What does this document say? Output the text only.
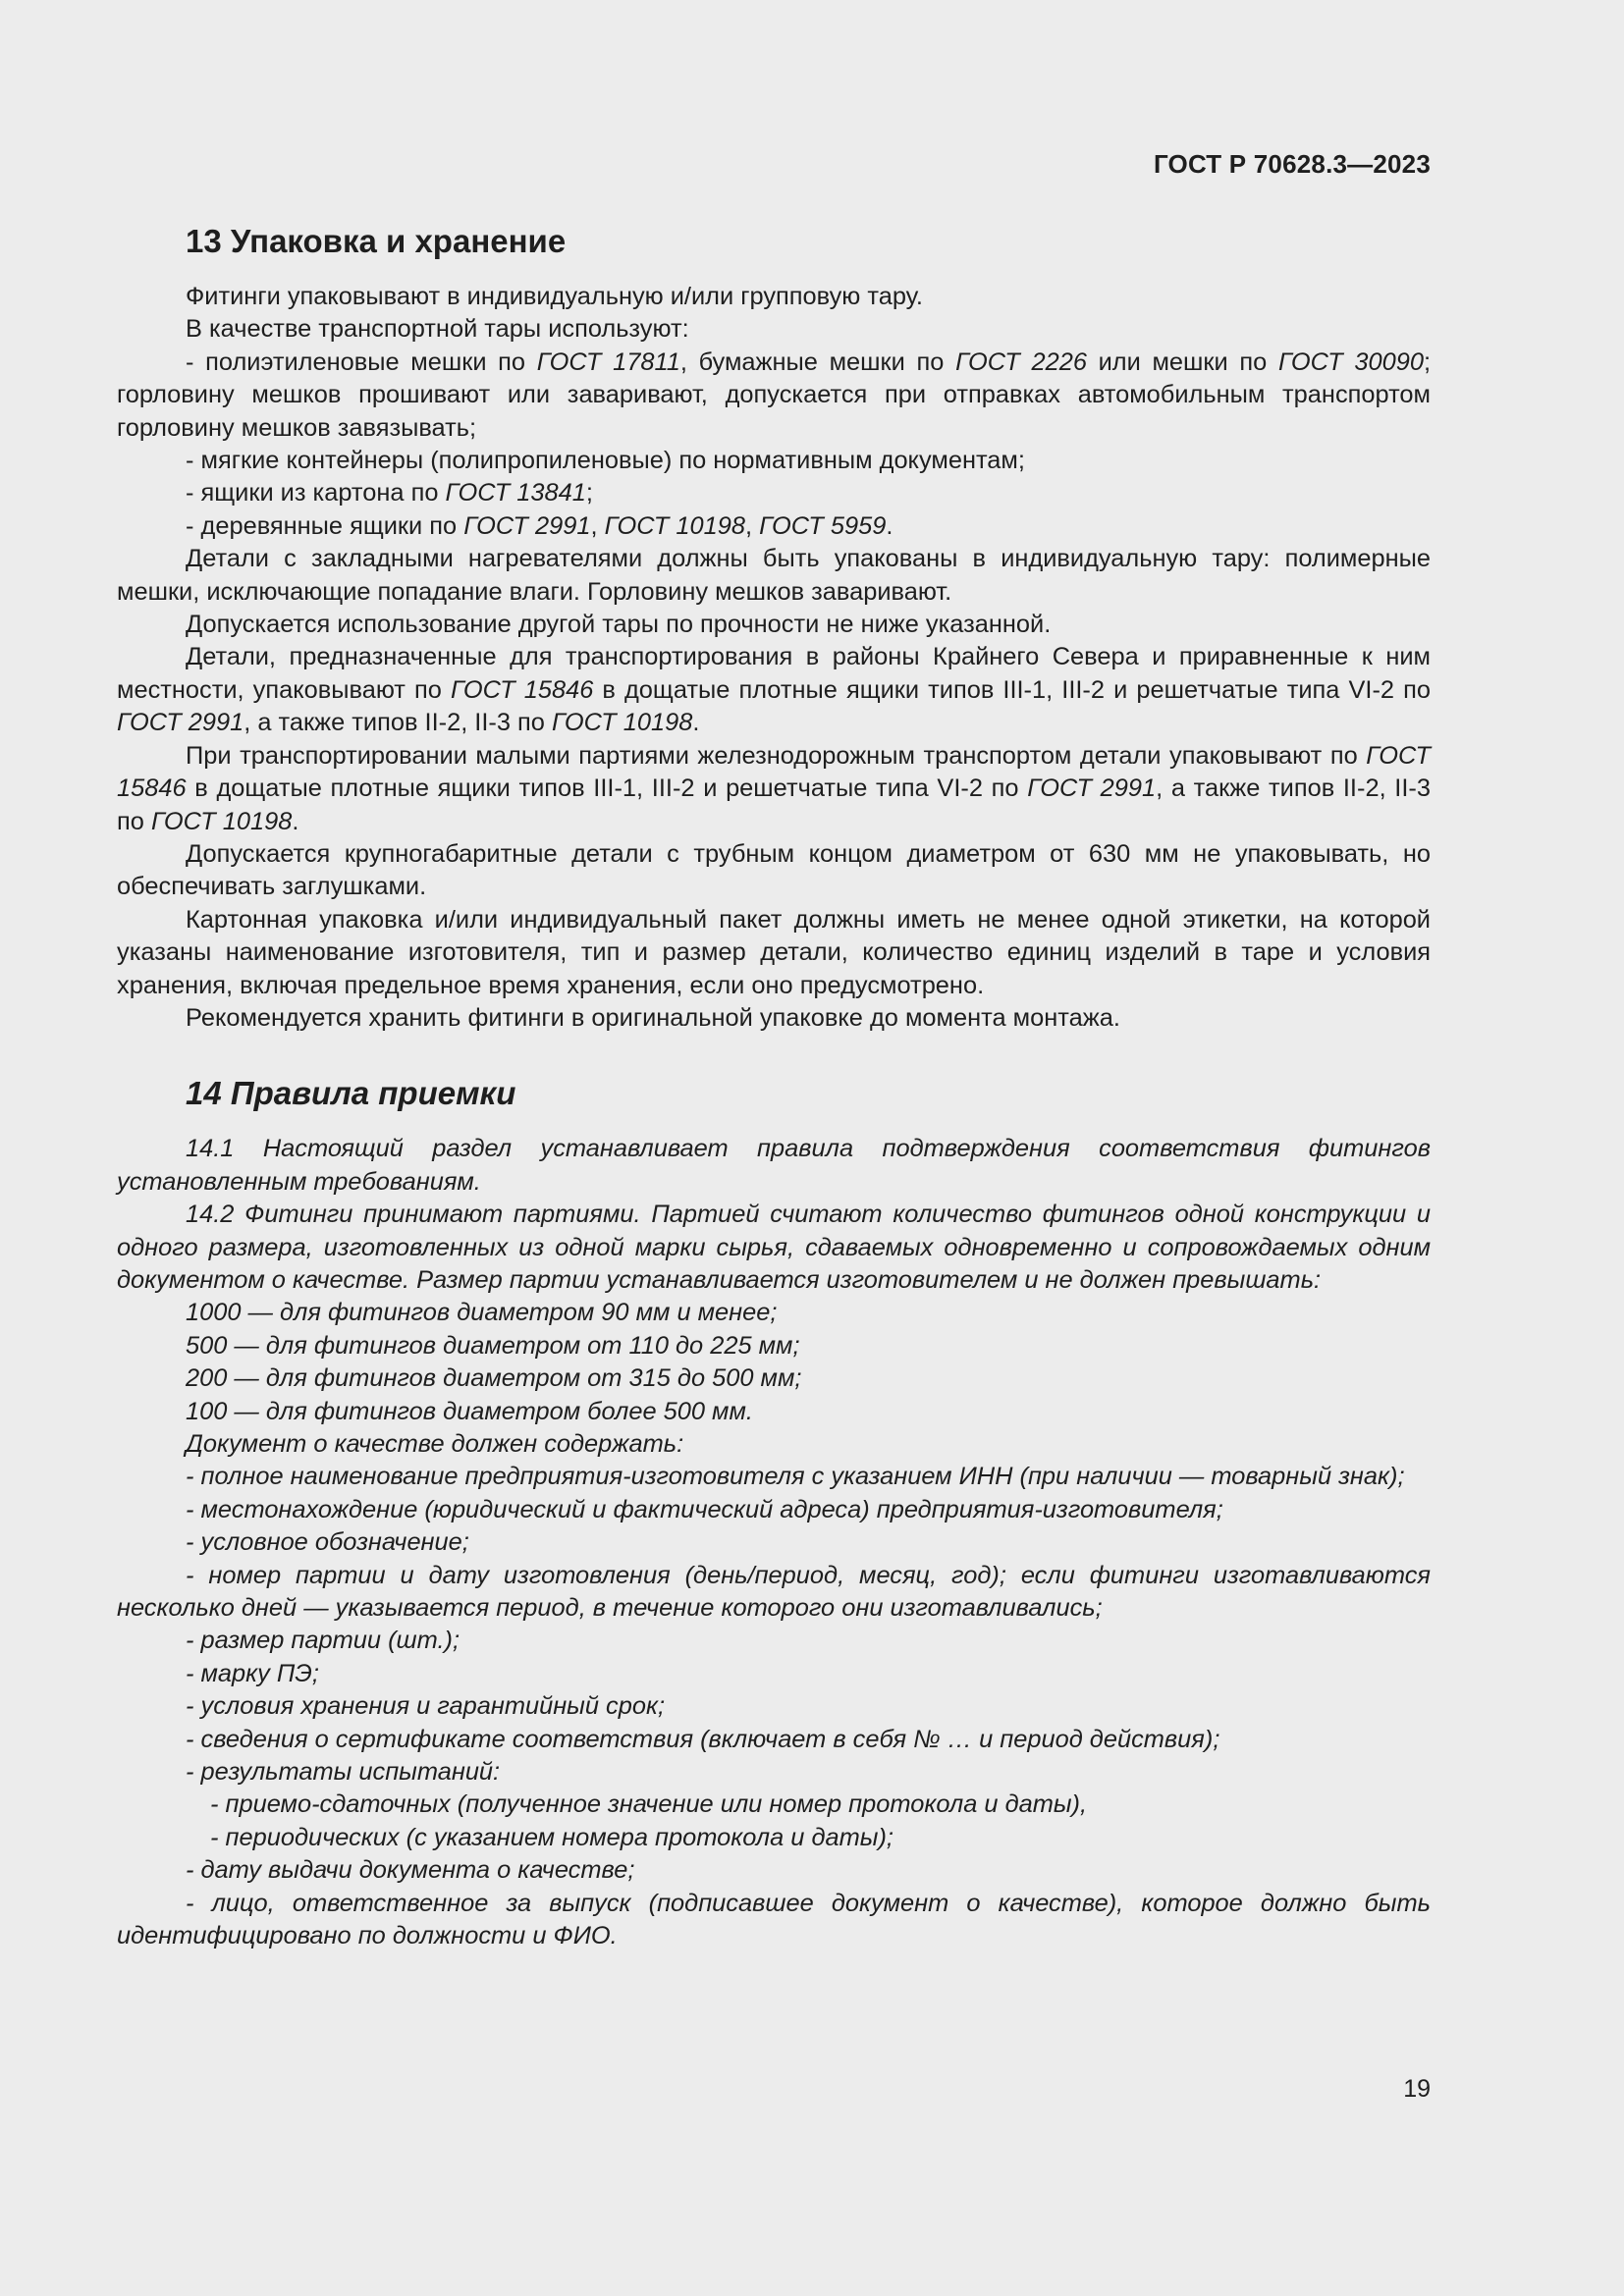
ГОСТ Р 70628.3—2023
13 Упаковка и хранение

Фитинги упаковывают в индивидуальную и/или групповую тару.

В качестве транспортной тары используют:

- полиэтиленовые мешки по ГОСТ 17811, бумажные мешки по ГОСТ 2226 или мешки по ГОСТ 30090; горловину мешков прошивают или заваривают, допускается при отправках автомобильным транспортом горловину мешков завязывать;

- мягкие контейнеры (полипропиленовые) по нормативным документам;

- ящики из картона по ГОСТ 13841;

- деревянные ящики по ГОСТ 2991, ГОСТ 10198, ГОСТ 5959.

Детали с закладными нагревателями должны быть упакованы в индивидуальную тару: полимерные мешки, исключающие попадание влаги. Горловину мешков заваривают.

Допускается использование другой тары по прочности не ниже указанной.

Детали, предназначенные для транспортирования в районы Крайнего Севера и приравненные к ним местности, упаковывают по ГОСТ 15846 в дощатые плотные ящики типов III-1, III-2 и решетчатые типа VI-2 по ГОСТ 2991, а также типов II-2, II-3 по ГОСТ 10198.

При транспортировании малыми партиями железнодорожным транспортом детали упаковывают по ГОСТ 15846 в дощатые плотные ящики типов III-1, III-2 и решетчатые типа VI-2 по ГОСТ 2991, а также типов II-2, II-3 по ГОСТ 10198.

Допускается крупногабаритные детали с трубным концом диаметром от 630 мм не упаковывать, но обеспечивать заглушками.

Картонная упаковка и/или индивидуальный пакет должны иметь не менее одной этикетки, на которой указаны наименование изготовителя, тип и размер детали, количество единиц изделий в таре и условия хранения, включая предельное время хранения, если оно предусмотрено.

Рекомендуется хранить фитинги в оригинальной упаковке до момента монтажа.

14 Правила приемки

14.1 Настоящий раздел устанавливает правила подтверждения соответствия фитингов установленным требованиям.

14.2 Фитинги принимают партиями. Партией считают количество фитингов одной конструкции и одного размера, изготовленных из одной марки сырья, сдаваемых одновременно и сопровождаемых одним документом о качестве. Размер партии устанавливается изготовителем и не должен превышать:

1000 — для фитингов диаметром 90 мм и менее;

500 — для фитингов диаметром от 110 до 225 мм;

200 — для фитингов диаметром от 315 до 500 мм;

100 — для фитингов диаметром более 500 мм.

Документ о качестве должен содержать:

- полное наименование предприятия-изготовителя с указанием ИНН (при наличии — товарный знак);

- местонахождение (юридический и фактический адреса) предприятия-изготовителя;

- условное обозначение;

- номер партии и дату изготовления (день/период, месяц, год); если фитинги изготавливаются несколько дней — указывается период, в течение которого они изготавливались;

- размер партии (шт.);

- марку ПЭ;

- условия хранения и гарантийный срок;

- сведения о сертификате соответствия (включает в себя № … и период действия);

- результаты испытаний:

- приемо-сдаточных (полученное значение или номер протокола и даты),

- периодических (с указанием номера протокола и даты);

- дату выдачи документа о качестве;

- лицо, ответственное за выпуск (подписавшее документ о качестве), которое должно быть идентифицировано по должности и ФИО.

19
